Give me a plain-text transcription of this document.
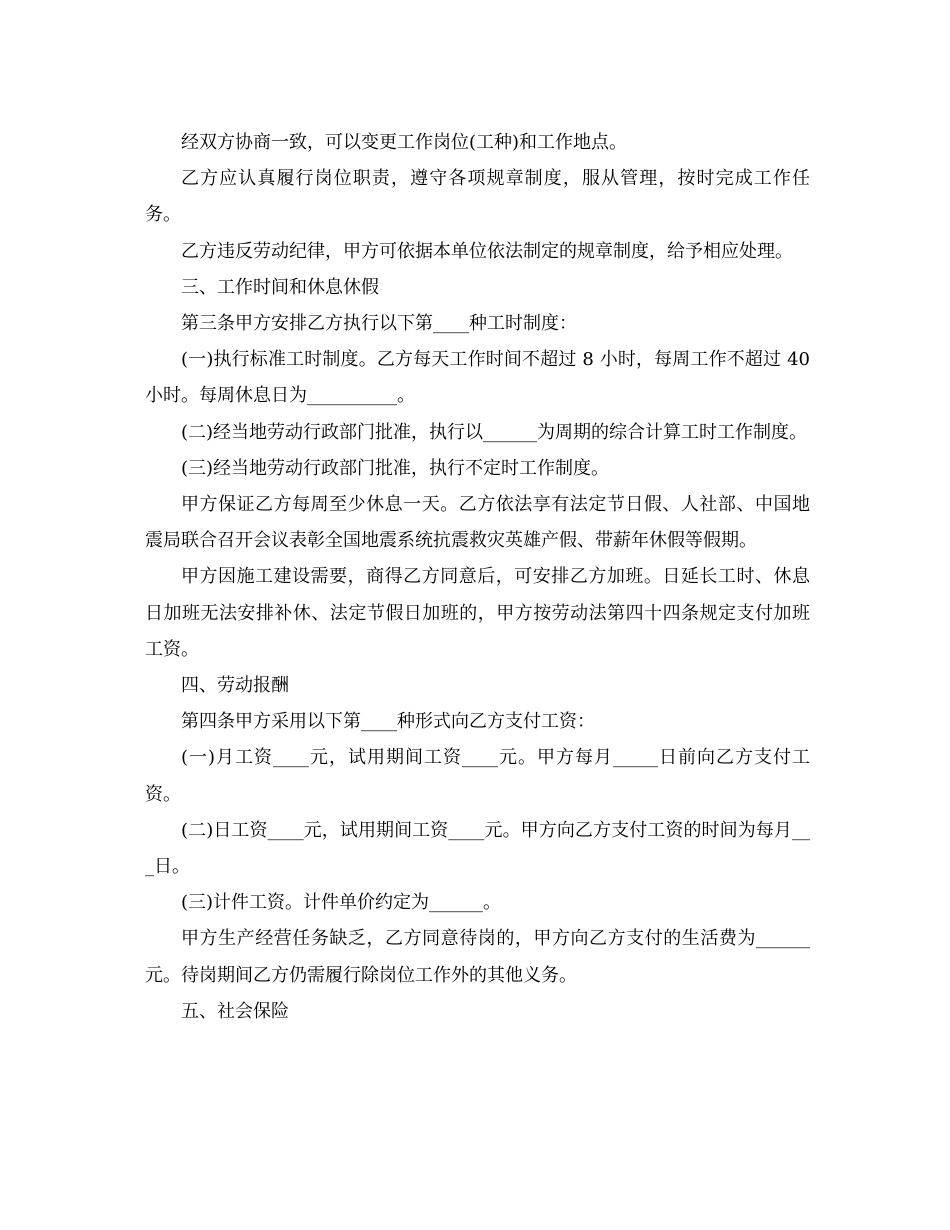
经双方协商一致，可以变更工作岗位(工种)和工作地点。

乙方应认真履行岗位职责，遵守各项规章制度，服从管理，按时完成工作任务。

乙方违反劳动纪律，甲方可依据本单位依法制定的规章制度，给予相应处理。

三、工作时间和休息休假

第三条甲方安排乙方执行以下第____种工时制度：

(一)执行标准工时制度。乙方每天工作时间不超过 8 小时，每周工作不超过 40 小时。每周休息日为__________。

(二)经当地劳动行政部门批准，执行以______为周期的综合计算工时工作制度。

(三)经当地劳动行政部门批准，执行不定时工作制度。

甲方保证乙方每周至少休息一天。乙方依法享有法定节日假、人社部、中国地震局联合召开会议表彰全国地震系统抗震救灾英雄产假、带薪年休假等假期。

甲方因施工建设需要，商得乙方同意后，可安排乙方加班。日延长工时、休息日加班无法安排补休、法定节假日加班的，甲方按劳动法第四十四条规定支付加班工资。

四、劳动报酬

第四条甲方采用以下第____种形式向乙方支付工资：

(一)月工资____元，试用期间工资____元。甲方每月_____日前向乙方支付工资。

(二)日工资____元，试用期间工资____元。甲方向乙方支付工资的时间为每月___日。

(三)计件工资。计件单价约定为______。

甲方生产经营任务缺乏，乙方同意待岗的，甲方向乙方支付的生活费为______元。待岗期间乙方仍需履行除岗位工作外的其他义务。

五、社会保险
